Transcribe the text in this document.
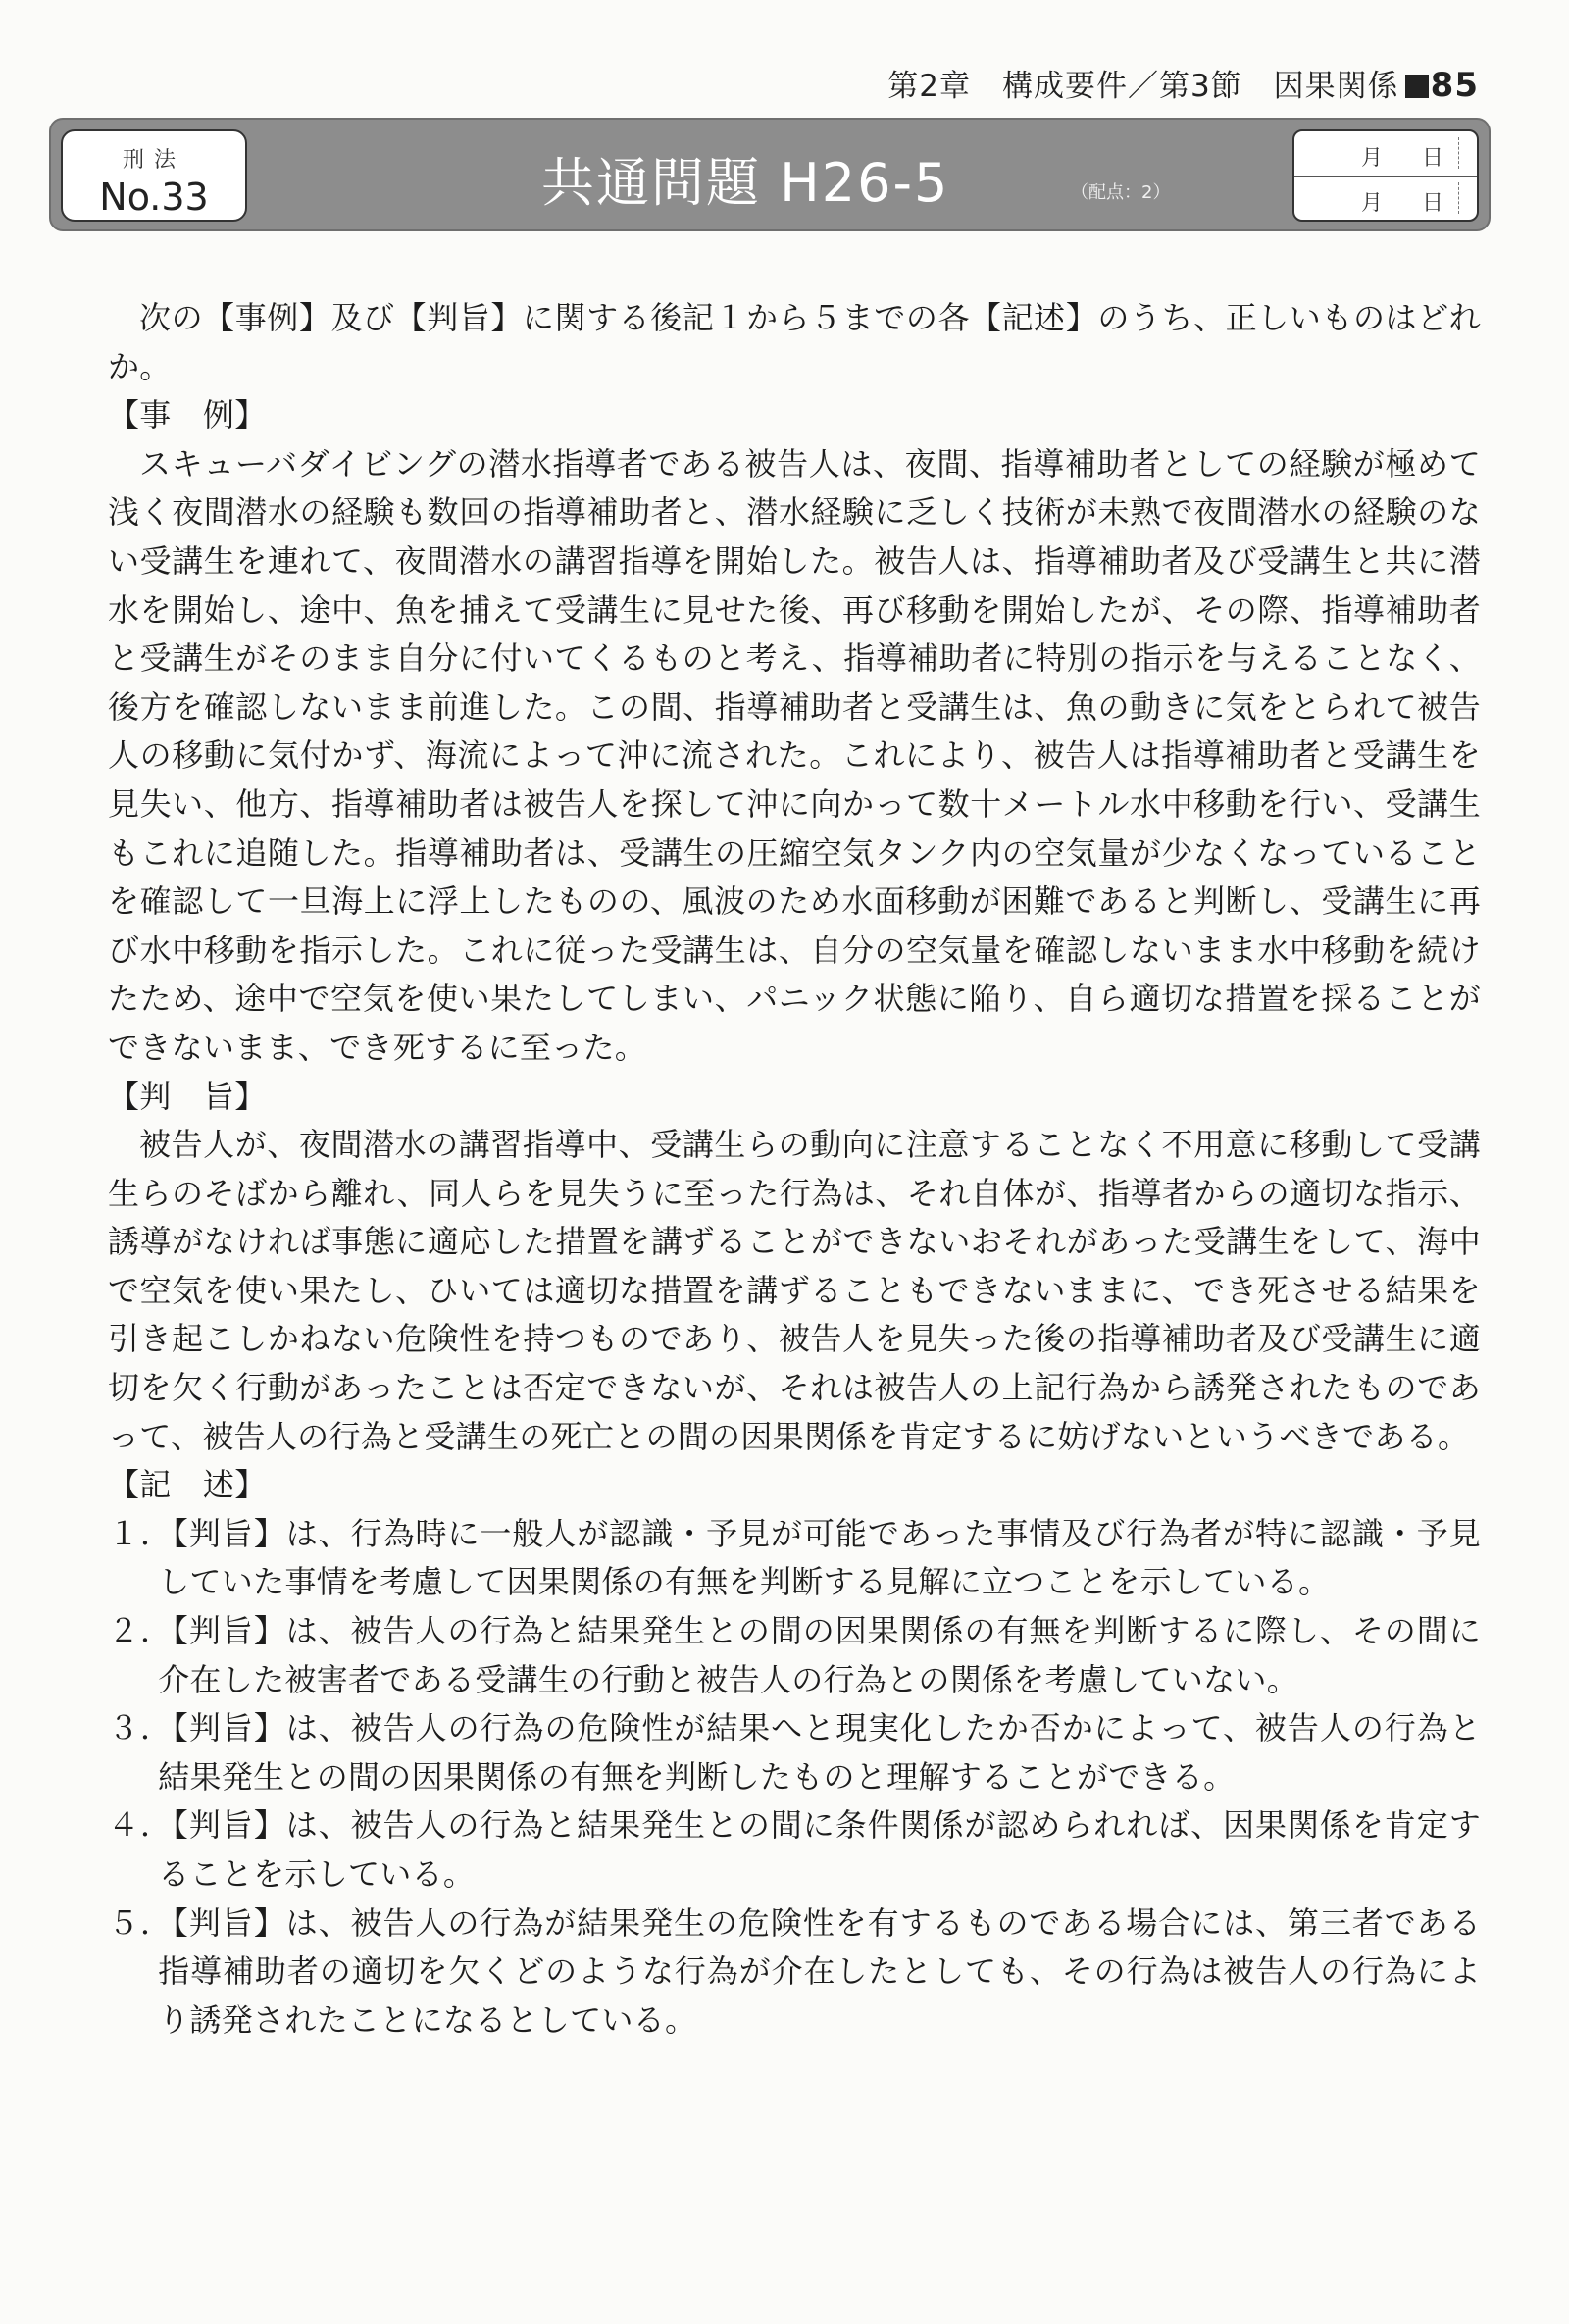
第2章　構成要件／第3節　因果関係 85
刑法
No.33	共通問題 H26-5	（配点：2）
月 日
月 日

次の【事例】及び【判旨】に関する後記１から５までの各【記述】のうち、正しいものはどれか。

【事　例】

スキューバダイビングの潜水指導者である被告人は、夜間、指導補助者としての経験が極めて浅く夜間潜水の経験も数回の指導補助者と、潜水経験に乏しく技術が未熟で夜間潜水の経験のない受講生を連れて、夜間潜水の講習指導を開始した。被告人は、指導補助者及び受講生と共に潜水を開始し、途中、魚を捕えて受講生に見せた後、再び移動を開始したが、その際、指導補助者と受講生がそのまま自分に付いてくるものと考え、指導補助者に特別の指示を与えることなく、後方を確認しないまま前進した。この間、指導補助者と受講生は、魚の動きに気をとられて被告人の移動に気付かず、海流によって沖に流された。これにより、被告人は指導補助者と受講生を見失い、他方、指導補助者は被告人を探して沖に向かって数十メートル水中移動を行い、受講生もこれに追随した。指導補助者は、受講生の圧縮空気タンク内の空気量が少なくなっていることを確認して一旦海上に浮上したものの、風波のため水面移動が困難であると判断し、受講生に再び水中移動を指示した。これに従った受講生は、自分の空気量を確認しないまま水中移動を続けたため、途中で空気を使い果たしてしまい、パニック状態に陥り、自ら適切な措置を採ることができないまま、でき死するに至った。

【判　旨】

被告人が、夜間潜水の講習指導中、受講生らの動向に注意することなく不用意に移動して受講生らのそばから離れ、同人らを見失うに至った行為は、それ自体が、指導者からの適切な指示、誘導がなければ事態に適応した措置を講ずることができないおそれがあった受講生をして、海中で空気を使い果たし、ひいては適切な措置を講ずることもできないままに、でき死させる結果を引き起こしかねない危険性を持つものであり、被告人を見失った後の指導補助者及び受講生に適切を欠く行動があったことは否定できないが、それは被告人の上記行為から誘発されたものであって、被告人の行為と受講生の死亡との間の因果関係を肯定するに妨げないというべきである。

【記　述】

１．【判旨】は、行為時に一般人が認識・予見が可能であった事情及び行為者が特に認識・予見していた事情を考慮して因果関係の有無を判断する見解に立つことを示している。

２．【判旨】は、被告人の行為と結果発生との間の因果関係の有無を判断するに際し、その間に介在した被害者である受講生の行動と被告人の行為との関係を考慮していない。

３．【判旨】は、被告人の行為の危険性が結果へと現実化したか否かによって、被告人の行為と結果発生との間の因果関係の有無を判断したものと理解することができる。

４．【判旨】は、被告人の行為と結果発生との間に条件関係が認められれば、因果関係を肯定することを示している。

５．【判旨】は、被告人の行為が結果発生の危険性を有するものである場合には、第三者である指導補助者の適切を欠くどのような行為が介在したとしても、その行為は被告人の行為により誘発されたことになるとしている。
